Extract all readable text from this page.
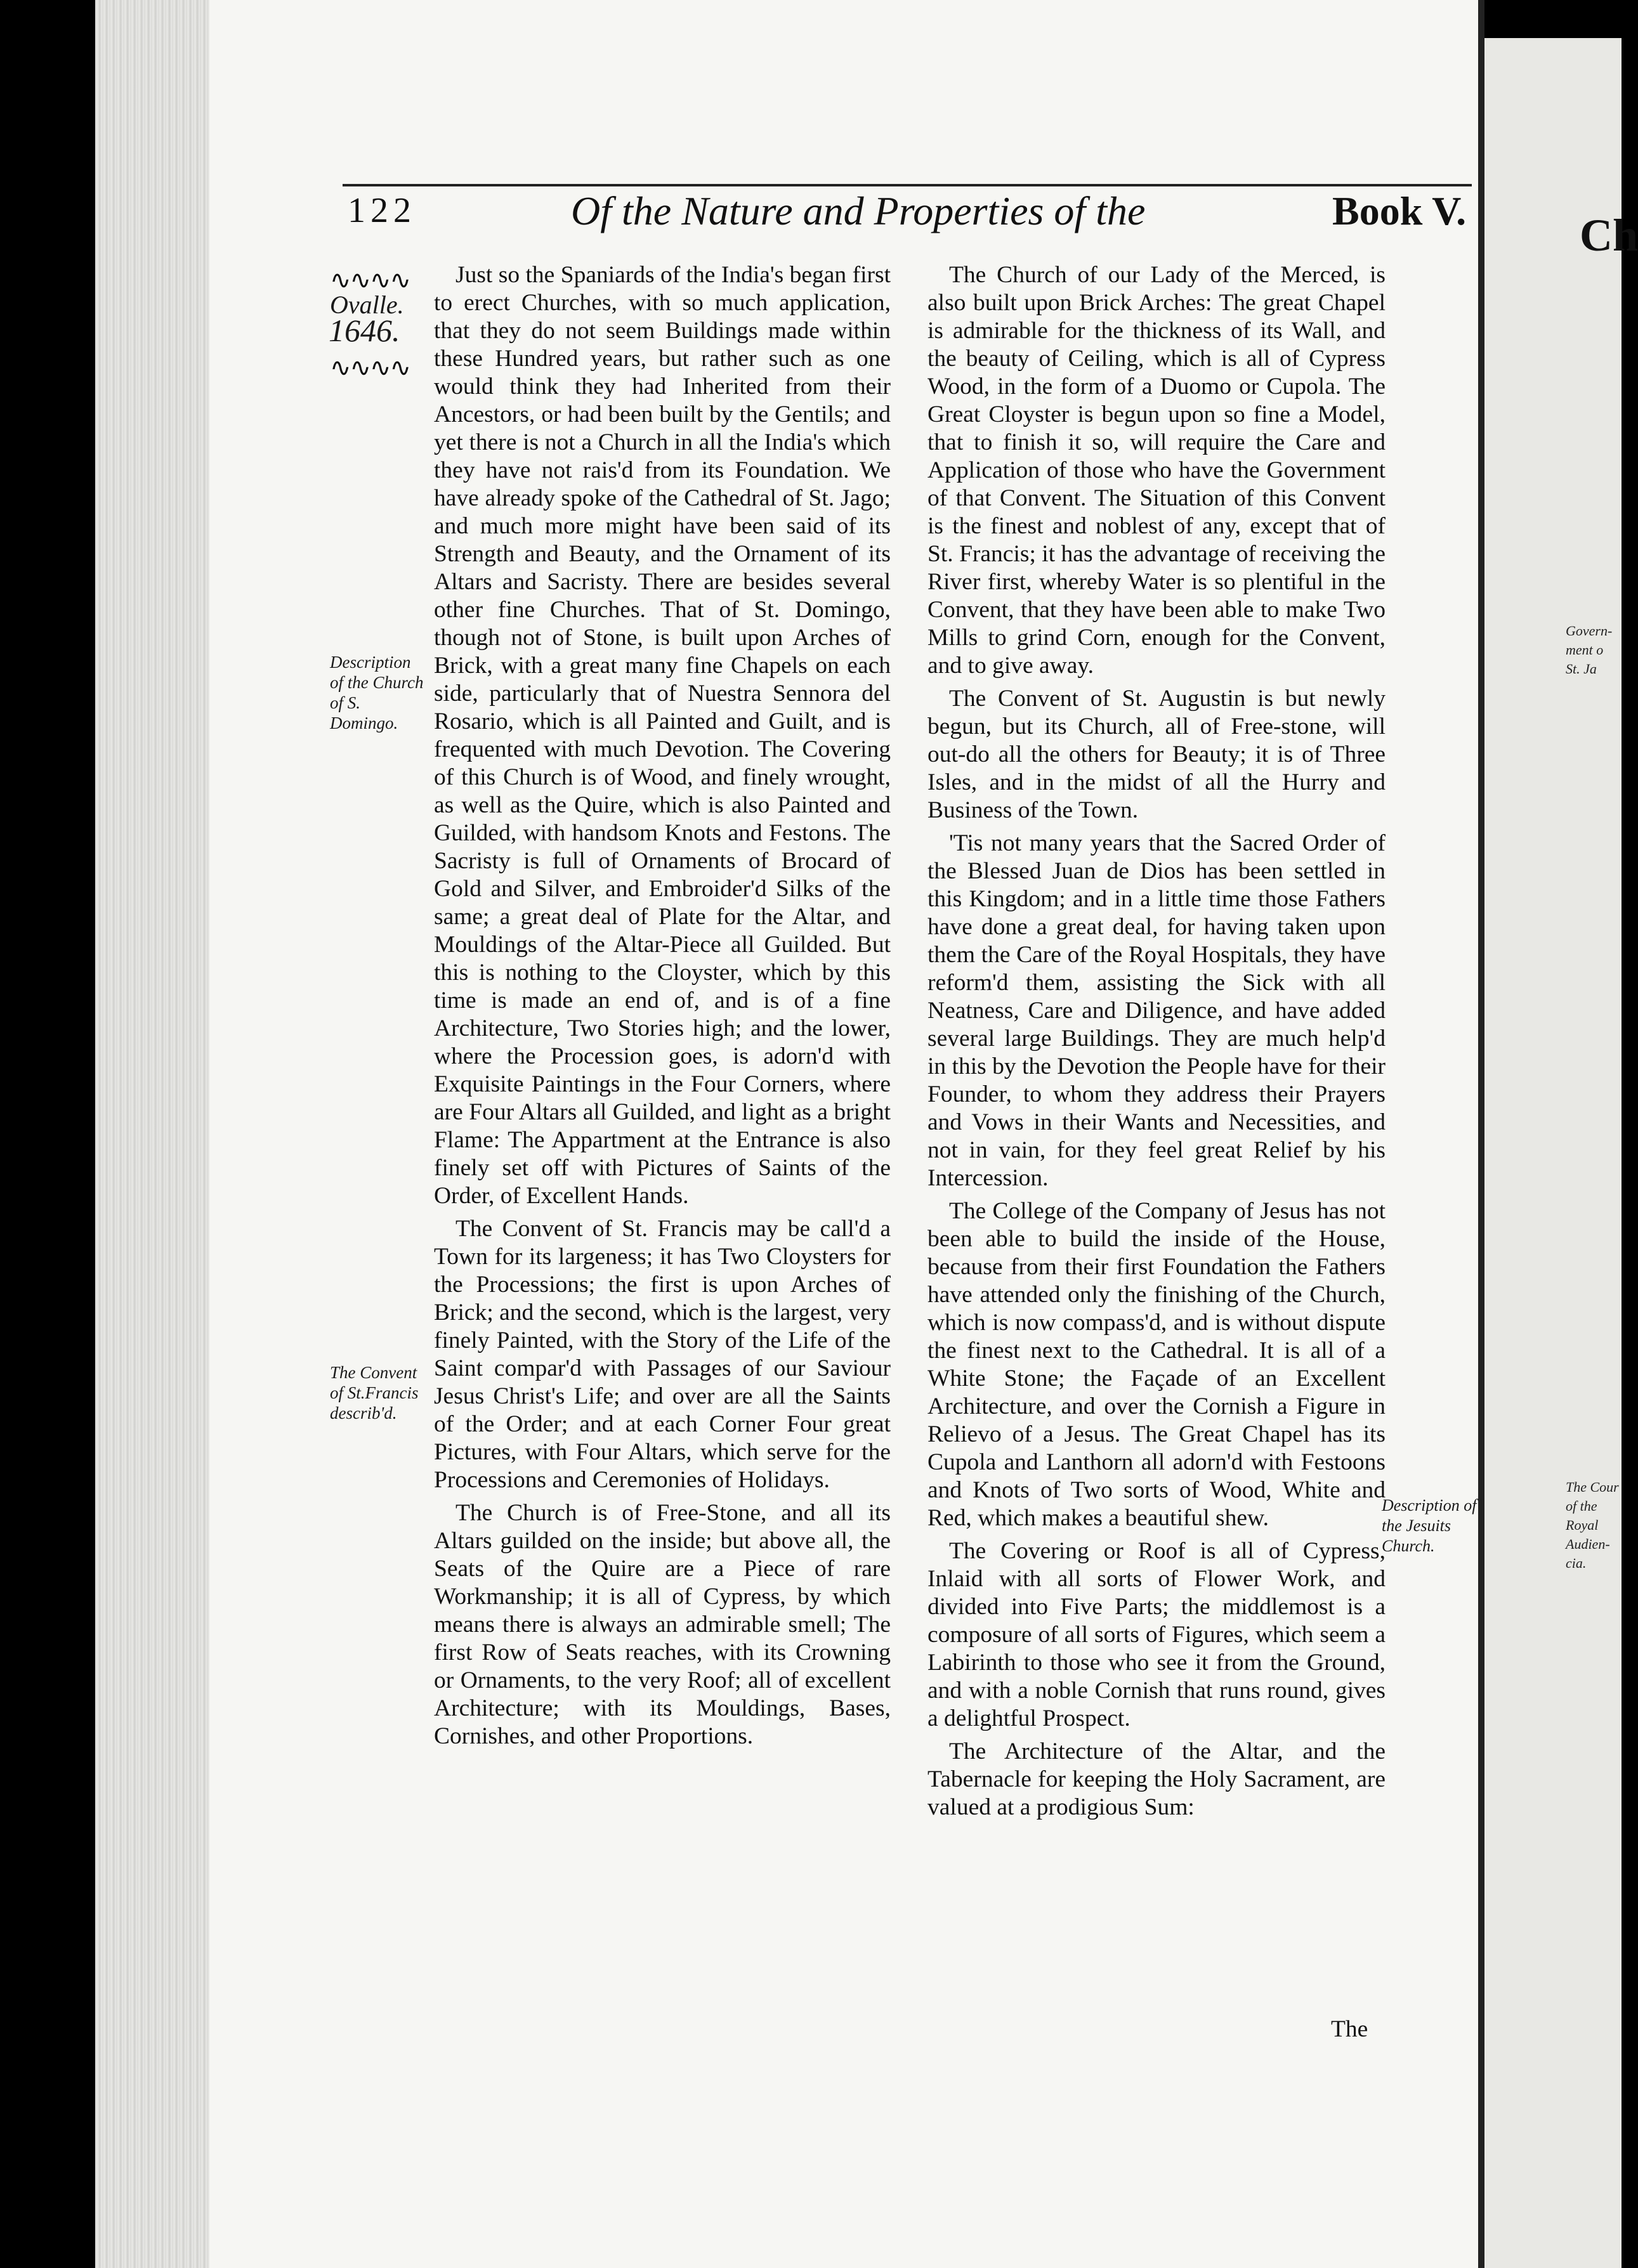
Ch
Govern-
ment o
St. Ja
The Cour
of the
Royal
Audien-
cia.
122	Of the Nature and Properties of the	Book V.
∿∿∿∿
Ovalle.
1646.
∿∿∿∿
Description of the Church of S. Domingo.
The Convent of St.Francis describ'd.
Description of the Jesuits Church.

Just so the Spaniards of the India's began first to erect Churches, with so much application, that they do not seem Buildings made within these Hundred years, but rather such as one would think they had Inherited from their Ancestors, or had been built by the Gentils; and yet there is not a Church in all the India's which they have not rais'd from its Foundation. We have already spoke of the Cathedral of St. Jago; and much more might have been said of its Strength and Beauty, and the Ornament of its Altars and Sacristy. There are besides several other fine Churches. That of St. Domingo, though not of Stone, is built upon Arches of Brick, with a great many fine Chapels on each side, particularly that of Nuestra Sennora del Rosario, which is all Painted and Guilt, and is frequented with much Devotion. The Covering of this Church is of Wood, and finely wrought, as well as the Quire, which is also Painted and Guilded, with handsom Knots and Festons. The Sacristy is full of Ornaments of Brocard of Gold and Silver, and Embroider'd Silks of the same; a great deal of Plate for the Altar, and Mouldings of the Altar-Piece all Guilded. But this is nothing to the Cloyster, which by this time is made an end of, and is of a fine Architecture, Two Stories high; and the lower, where the Procession goes, is adorn'd with Exquisite Paintings in the Four Corners, where are Four Altars all Guilded, and light as a bright Flame: The Appartment at the Entrance is also finely set off with Pictures of Saints of the Order, of Excellent Hands.

The Convent of St. Francis may be call'd a Town for its largeness; it has Two Cloysters for the Processions; the first is upon Arches of Brick; and the second, which is the largest, very finely Painted, with the Story of the Life of the Saint compar'd with Passages of our Saviour Jesus Christ's Life; and over are all the Saints of the Order; and at each Corner Four great Pictures, with Four Altars, which serve for the Processions and Ceremonies of Holidays.

The Church is of Free-Stone, and all its Altars guilded on the inside; but above all, the Seats of the Quire are a Piece of rare Workmanship; it is all of Cypress, by which means there is always an admirable smell; The first Row of Seats reaches, with its Crowning or Ornaments, to the very Roof; all of excellent Architecture; with its Mouldings, Bases, Cornishes, and other Proportions.

The Church of our Lady of the Merced, is also built upon Brick Arches: The great Chapel is admirable for the thickness of its Wall, and the beauty of Ceiling, which is all of Cypress Wood, in the form of a Duomo or Cupola. The Great Cloyster is begun upon so fine a Model, that to finish it so, will require the Care and Application of those who have the Government of that Convent. The Situation of this Convent is the finest and noblest of any, except that of St. Francis; it has the advantage of receiving the River first, whereby Water is so plentiful in the Convent, that they have been able to make Two Mills to grind Corn, enough for the Convent, and to give away.

The Convent of St. Augustin is but newly begun, but its Church, all of Free-stone, will out-do all the others for Beauty; it is of Three Isles, and in the midst of all the Hurry and Business of the Town.

'Tis not many years that the Sacred Order of the Blessed Juan de Dios has been settled in this Kingdom; and in a little time those Fathers have done a great deal, for having taken upon them the Care of the Royal Hospitals, they have reform'd them, assisting the Sick with all Neatness, Care and Diligence, and have added several large Buildings. They are much help'd in this by the Devotion the People have for their Founder, to whom they address their Prayers and Vows in their Wants and Necessities, and not in vain, for they feel great Relief by his Intercession.

The College of the Company of Jesus has not been able to build the inside of the House, because from their first Foundation the Fathers have attended only the finishing of the Church, which is now compass'd, and is without dispute the finest next to the Cathedral. It is all of a White Stone; the Façade of an Excellent Architecture, and over the Cornish a Figure in Relievo of a Jesus. The Great Chapel has its Cupola and Lanthorn all adorn'd with Festoons and Knots of Two sorts of Wood, White and Red, which makes a beautiful shew.

The Covering or Roof is all of Cypress, Inlaid with all sorts of Flower Work, and divided into Five Parts; the middlemost is a composure of all sorts of Figures, which seem a Labirinth to those who see it from the Ground, and with a noble Cornish that runs round, gives a delightful Prospect.

The Architecture of the Altar, and the Tabernacle for keeping the Holy Sacrament, are valued at a prodigious Sum:

The
